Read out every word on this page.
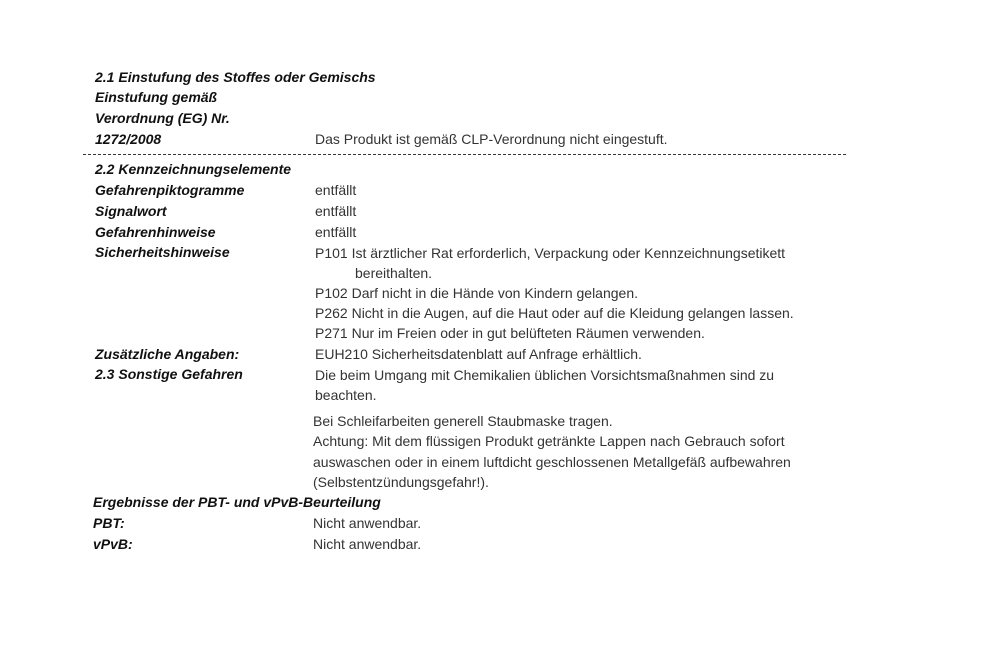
2.1 Einstufung des Stoffes oder Gemischs
Einstufung gemäß
Verordnung (EG) Nr.
1272/2008	Das Produkt ist gemäß CLP-Verordnung nicht eingestuft.
2.2 Kennzeichnungselemente
Gefahrenpiktogramme	entfällt
Signalwort	entfällt
Gefahrenhinweise	entfällt
Sicherheitshinweise	P101 Ist ärztlicher Rat erforderlich, Verpackung oder Kennzeichnungsetikett
bereithalten.
P102 Darf nicht in die Hände von Kindern gelangen.
P262 Nicht in die Augen, auf die Haut oder auf die Kleidung gelangen lassen.
P271 Nur im Freien oder in gut belüfteten Räumen verwenden.
Zusätzliche Angaben:	EUH210 Sicherheitsdatenblatt auf Anfrage erhältlich.
2.3 Sonstige Gefahren	Die beim Umgang mit Chemikalien üblichen Vorsichtsmaßnahmen sind zu
beachten.
Bei Schleifarbeiten generell Staubmaske tragen.
Achtung: Mit dem flüssigen Produkt getränkte Lappen nach Gebrauch sofort
auswaschen oder in einem luftdicht geschlossenen Metallgefäß aufbewahren
(Selbstentzündungsgefahr!).
Ergebnisse der PBT- und vPvB-Beurteilung
PBT:	Nicht anwendbar.
vPvB:	Nicht anwendbar.
